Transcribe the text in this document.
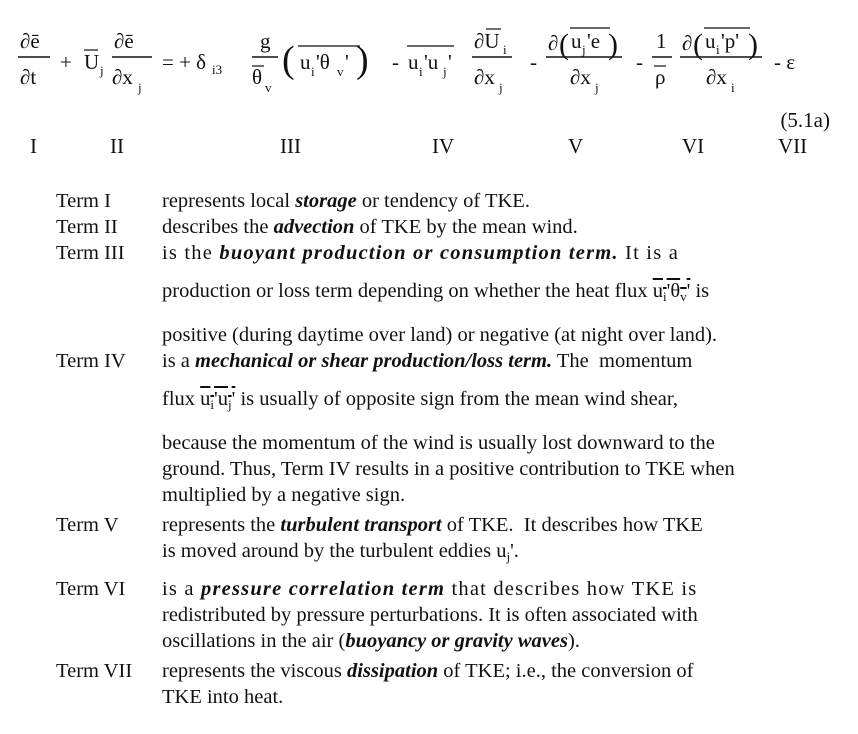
∂ē
∂t
+ U j
∂ē
∂x j
= + δ i3
g
θ v
( u i 'θ v ' ) - u i 'u j '
∂U i
∂x j
-
∂ ( u j 'e )
∂x j
-
1
ρ
∂ ( u i 'p' )
∂x i
- ε
(5.1a)
I	II	III	IV	V	VI	VII
Term I	represents local storage or tendency of TKE.

Term II	describes the advection of TKE by the mean wind.

Term III	is the buoyant production or consumption term. It is a

production or loss term depending on whether the heat flux $u_i'\theta_v'$ is

positive (during daytime over land) or negative (at night over land).

Term IV	is a mechanical or shear production/loss term. The  momentum

flux $u_i'u_j'$ is usually of opposite sign from the mean wind shear,

because the momentum of the wind is usually lost downward to the

ground. Thus, Term IV results in a positive contribution to TKE when

multiplied by a negative sign.

Term V	represents the turbulent transport of TKE.  It describes how TKE

is moved around by the turbulent eddies $u_j'$.

Term VI	is a pressure correlation term that describes how TKE is

redistributed by pressure perturbations. It is often associated with

oscillations in the air (buoyancy or gravity waves).

Term VII	represents the viscous dissipation of TKE; i.e., the conversion of

TKE into heat.
